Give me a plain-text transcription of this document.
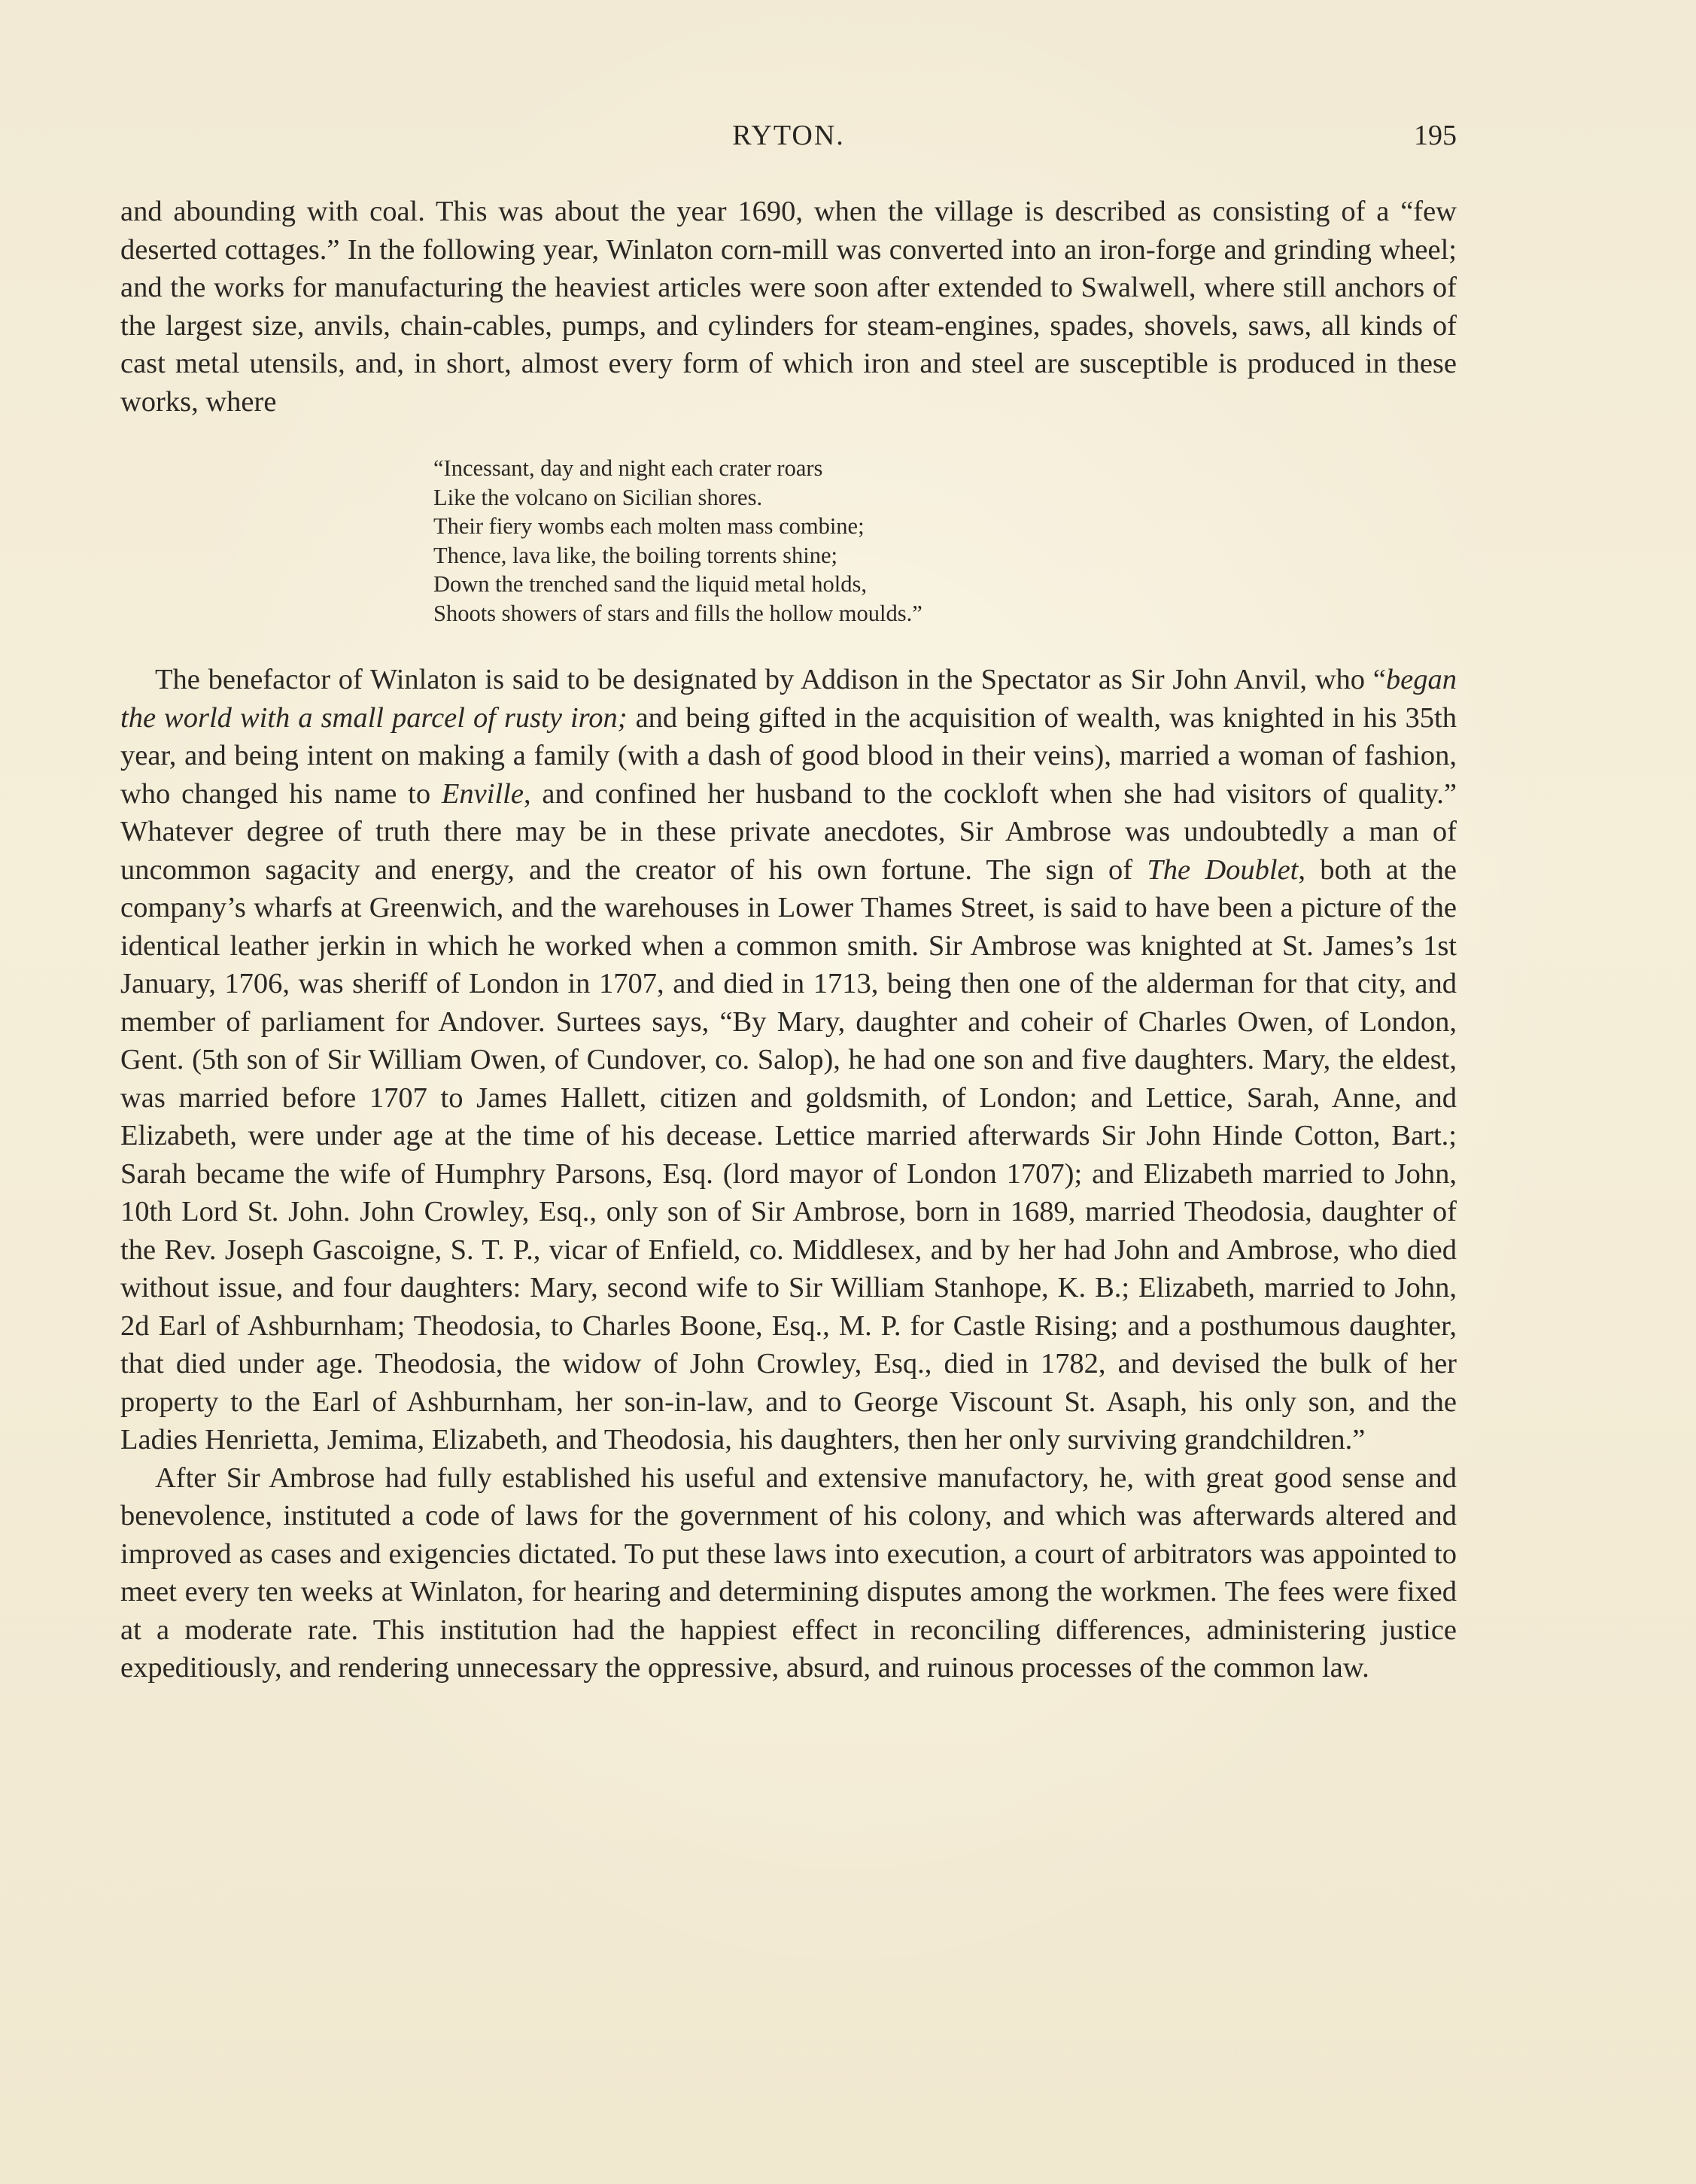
RYTON.	195

and abounding with coal. This was about the year 1690, when the village is described as consisting of a “few deserted cottages.” In the following year, Winlaton corn-mill was converted into an iron-forge and grinding wheel; and the works for manufacturing the heaviest articles were soon after extended to Swalwell, where still anchors of the largest size, anvils, chain-cables, pumps, and cylinders for steam-engines, spades, shovels, saws, all kinds of cast metal utensils, and, in short, almost every form of which iron and steel are susceptible is produced in these works, where

“Incessant, day and night each crater roars
Like the volcano on Sicilian shores.
Their fiery wombs each molten mass combine;
Thence, lava like, the boiling torrents shine;
Down the trenched sand the liquid metal holds,
Shoots showers of stars and fills the hollow moulds.”

The benefactor of Winlaton is said to be designated by Addison in the Spectator as Sir John Anvil, who “began the world with a small parcel of rusty iron; and being gifted in the acquisition of wealth, was knighted in his 35th year, and being intent on making a family (with a dash of good blood in their veins), married a woman of fashion, who changed his name to Enville, and confined her husband to the cockloft when she had visitors of quality.” Whatever degree of truth there may be in these private anecdotes, Sir Ambrose was undoubtedly a man of uncommon sagacity and energy, and the creator of his own fortune. The sign of The Doublet, both at the company’s wharfs at Greenwich, and the warehouses in Lower Thames Street, is said to have been a picture of the identical leather jerkin in which he worked when a common smith. Sir Ambrose was knighted at St. James’s 1st January, 1706, was sheriff of London in 1707, and died in 1713, being then one of the alderman for that city, and member of parliament for Andover. Surtees says, “By Mary, daughter and coheir of Charles Owen, of London, Gent. (5th son of Sir William Owen, of Cundover, co. Salop), he had one son and five daughters. Mary, the eldest, was married before 1707 to James Hallett, citizen and goldsmith, of London; and Lettice, Sarah, Anne, and Elizabeth, were under age at the time of his decease. Lettice married afterwards Sir John Hinde Cotton, Bart.; Sarah became the wife of Humphry Parsons, Esq. (lord mayor of London 1707); and Elizabeth married to John, 10th Lord St. John. John Crowley, Esq., only son of Sir Ambrose, born in 1689, married Theodosia, daughter of the Rev. Joseph Gascoigne, S. T. P., vicar of Enfield, co. Middlesex, and by her had John and Ambrose, who died without issue, and four daughters: Mary, second wife to Sir William Stanhope, K. B.; Elizabeth, married to John, 2d Earl of Ashburnham; Theodosia, to Charles Boone, Esq., M. P. for Castle Rising; and a posthumous daughter, that died under age. Theodosia, the widow of John Crowley, Esq., died in 1782, and devised the bulk of her property to the Earl of Ashburnham, her son-in-law, and to George Viscount St. Asaph, his only son, and the Ladies Henrietta, Jemima, Elizabeth, and Theodosia, his daughters, then her only surviving grandchildren.”

After Sir Ambrose had fully established his useful and extensive manufactory, he, with great good sense and benevolence, instituted a code of laws for the government of his colony, and which was afterwards altered and improved as cases and exigencies dictated. To put these laws into execution, a court of arbitrators was appointed to meet every ten weeks at Winlaton, for hearing and determining disputes among the workmen. The fees were fixed at a moderate rate. This institution had the happiest effect in reconciling differences, administering justice expeditiously, and rendering unnecessary the oppressive, absurd, and ruinous processes of the common law.
